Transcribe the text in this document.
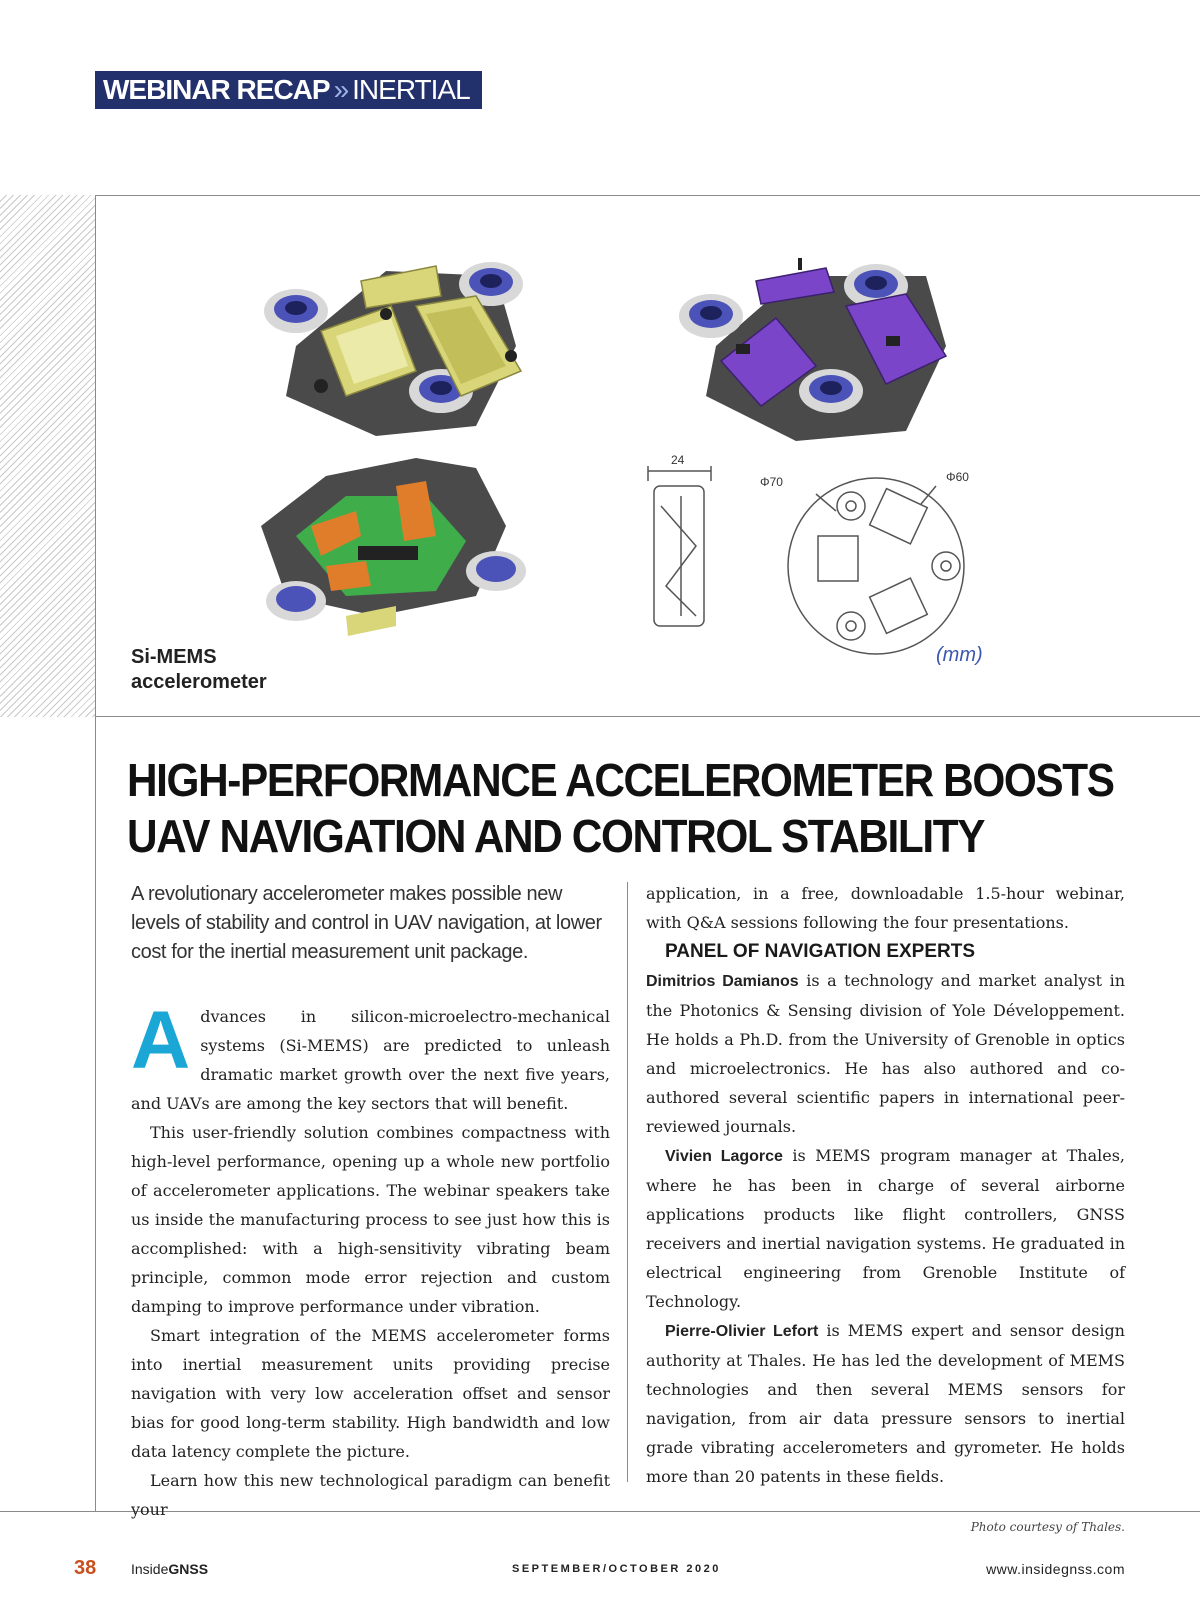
WEBINAR RECAP » INERTIAL
24
Φ70	Φ60
(mm)
Si-MEMS
accelerometer
HIGH-PERFORMANCE ACCELEROMETER BOOSTS
UAV NAVIGATION AND CONTROL STABILITY
A revolutionary accelerometer makes possible new levels of stability and control in UAV navigation, at lower cost for the inertial measurement unit package.

Advances in silicon-microelectro-mechanical systems (Si-MEMS) are predicted to unleash dramatic market growth over the next five years, and UAVs are among the key sectors that will benefit.

This user-friendly solution combines compactness with high-level performance, opening up a whole new portfolio of accelerometer applications. The webinar speakers take us inside the manufacturing process to see just how this is accomplished: with a high-sensitivity vibrating beam principle, common mode error rejection and custom damping to improve performance under vibration.

Smart integration of the MEMS accelerometer forms into inertial measurement units providing precise navigation with very low acceleration offset and sensor bias for good long-term stability. High bandwidth and low data latency complete the picture.

Learn how this new technological paradigm can benefit your

application, in a free, downloadable 1.5-hour webinar, with Q&A sessions following the four presentations.

PANEL OF NAVIGATION EXPERTS

Dimitrios Damianos is a technology and market analyst in the Photonics & Sensing division of Yole Développement. He holds a Ph.D. from the University of Grenoble in optics and microelectronics. He has also authored and co-authored several scientific papers in international peer-reviewed journals.

Vivien Lagorce is MEMS program manager at Thales, where he has been in charge of several airborne applications products like flight controllers, GNSS receivers and inertial navigation systems. He graduated in electrical engineering from Grenoble Institute of Technology.

Pierre-Olivier Lefort is MEMS expert and sensor design authority at Thales. He has led the development of MEMS technologies and then several MEMS sensors for navigation, from air data pressure sensors to inertial grade vibrating accelerometers and gyrometer. He holds more than 20 patents in these fields.

Photo courtesy of Thales.
38 InsideGNSS	SEPTEMBER/OCTOBER 2020	www.insidegnss.com
